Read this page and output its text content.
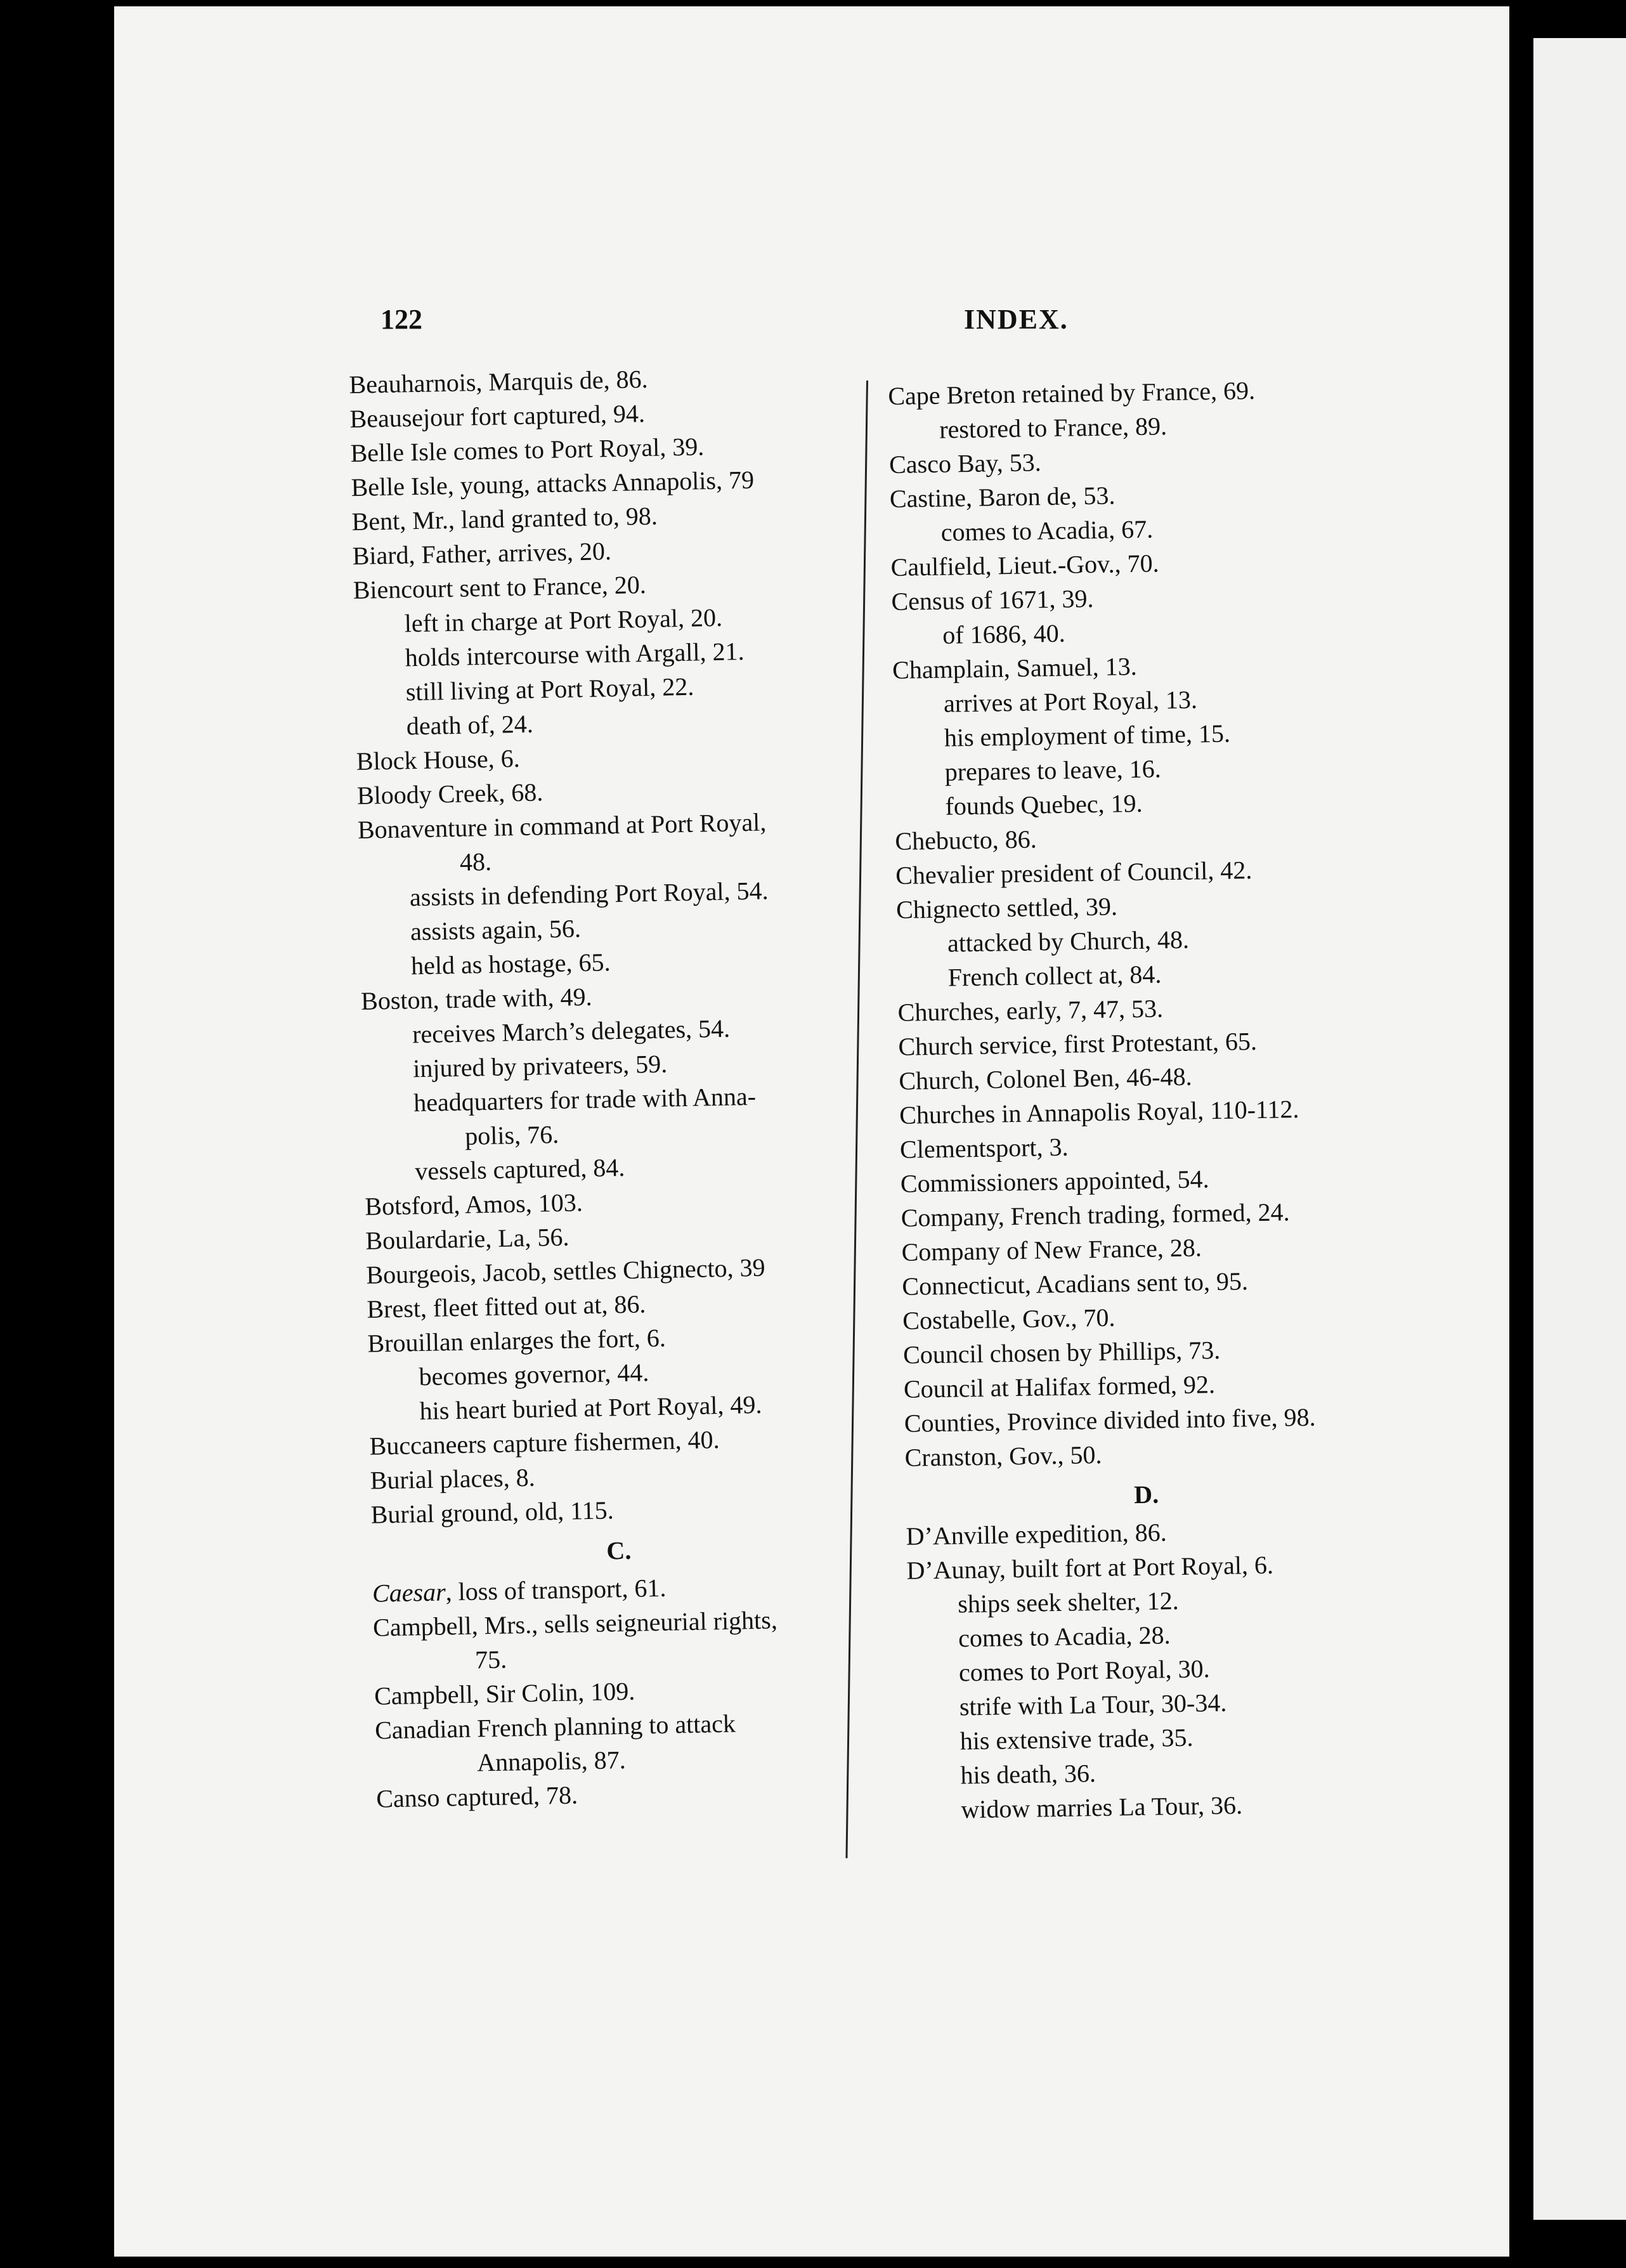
122	INDEX.
Beauharnois, Marquis de, 86.
Beausejour fort captured, 94.
Belle Isle comes to Port Royal, 39.
Belle Isle, young, attacks Annapolis, 79
Bent, Mr., land granted to, 98.
Biard, Father, arrives, 20.
Biencourt sent to France, 20.
left in charge at Port Royal, 20.
holds intercourse with Argall, 21.
still living at Port Royal, 22.
death of, 24.
Block House, 6.
Bloody Creek, 68.
Bonaventure in command at Port Royal,
48.
assists in defending Port Royal, 54.
assists again, 56.
held as hostage, 65.
Boston, trade with, 49.
receives March’s delegates, 54.
injured by privateers, 59.
headquarters for trade with Anna-
polis, 76.
vessels captured, 84.
Botsford, Amos, 103.
Boulardarie, La, 56.
Bourgeois, Jacob, settles Chignecto, 39
Brest, fleet fitted out at, 86.
Brouillan enlarges the fort, 6.
becomes governor, 44.
his heart buried at Port Royal, 49.
Buccaneers capture fishermen, 40.
Burial places, 8.
Burial ground, old, 115.
C.
Caesar, loss of transport, 61.
Campbell, Mrs., sells seigneurial rights,
75.
Campbell, Sir Colin, 109.
Canadian French planning to attack
Annapolis, 87.
Canso captured, 78.
Cape Breton retained by France, 69.
restored to France, 89.
Casco Bay, 53.
Castine, Baron de, 53.
comes to Acadia, 67.
Caulfield, Lieut.-Gov., 70.
Census of 1671, 39.
of 1686, 40.
Champlain, Samuel, 13.
arrives at Port Royal, 13.
his employment of time, 15.
prepares to leave, 16.
founds Quebec, 19.
Chebucto, 86.
Chevalier president of Council, 42.
Chignecto settled, 39.
attacked by Church, 48.
French collect at, 84.
Churches, early, 7, 47, 53.
Church service, first Protestant, 65.
Church, Colonel Ben, 46-48.
Churches in Annapolis Royal, 110-112.
Clementsport, 3.
Commissioners appointed, 54.
Company, French trading, formed, 24.
Company of New France, 28.
Connecticut, Acadians sent to, 95.
Costabelle, Gov., 70.
Council chosen by Phillips, 73.
Council at Halifax formed, 92.
Counties, Province divided into five, 98.
Cranston, Gov., 50.
D.
D’Anville expedition, 86.
D’Aunay, built fort at Port Royal, 6.
ships seek shelter, 12.
comes to Acadia, 28.
comes to Port Royal, 30.
strife with La Tour, 30-34.
his extensive trade, 35.
his death, 36.
widow marries La Tour, 36.
